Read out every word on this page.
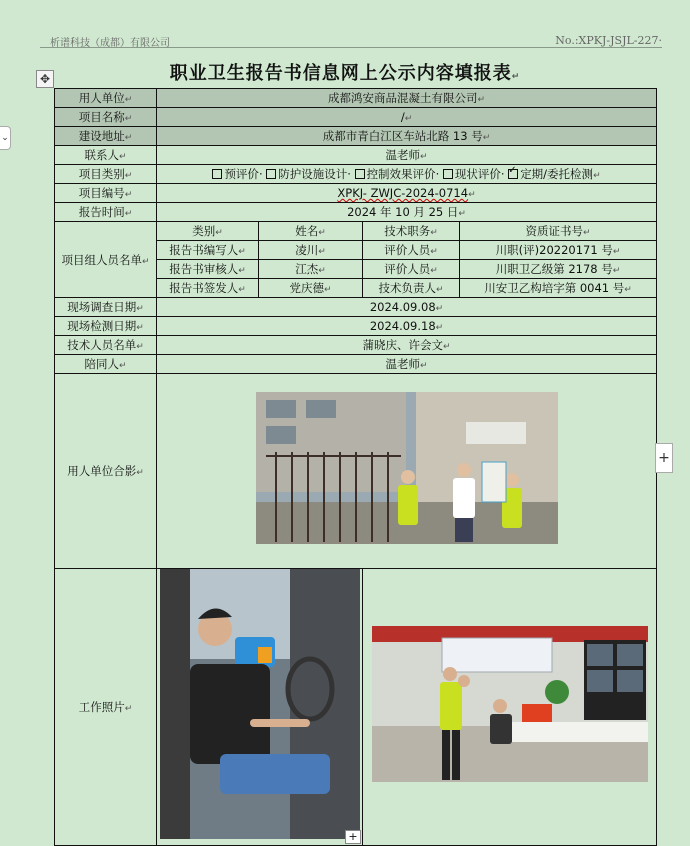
析谱科技（成都）有限公司	No.:XPKJ-JSJL-227·
✥
⌄
职业卫生报告书信息网上公示内容填报表 ↵
用人单位 ↵	成都鸿安商品混凝土有限公司 ↵
项目名称 ↵	/ ↵
建设地址 ↵	成都市青白江区车站北路 13 号 ↵
联系人 ↵	温老师 ↵
项目类别 ↵	预评价· 防护设施设计· 控制效果评价· 现状评价· ✓定期/委托检测 ↵
项目编号 ↵	XPKJ- ZWJC-2024-0714 ↵
报告时间 ↵	2024 年 10 月 25 日 ↵
项目组人员名单 ↵	类别 ↵	姓名 ↵	技术职务 ↵	资质证书号 ↵
	报告书编写人 ↵	凌川 ↵	评价人员 ↵	川职(评)20220171 号 ↵
	报告书审核人 ↵	江杰 ↵	评价人员 ↵	川职卫乙级第 2178 号 ↵
	报告书签发人 ↵	党庆德 ↵	技术负责人 ↵	川安卫乙构培字第 0041 号 ↵
现场调查日期 ↵	2024.09.08 ↵
现场检测日期 ↵	2024.09.18 ↵
技术人员名单 ↵	蒲晓庆、许会文 ↵
陪同人 ↵	温老师 ↵
用人单位合影 ↵	
工作照片 ↵		
+
+
